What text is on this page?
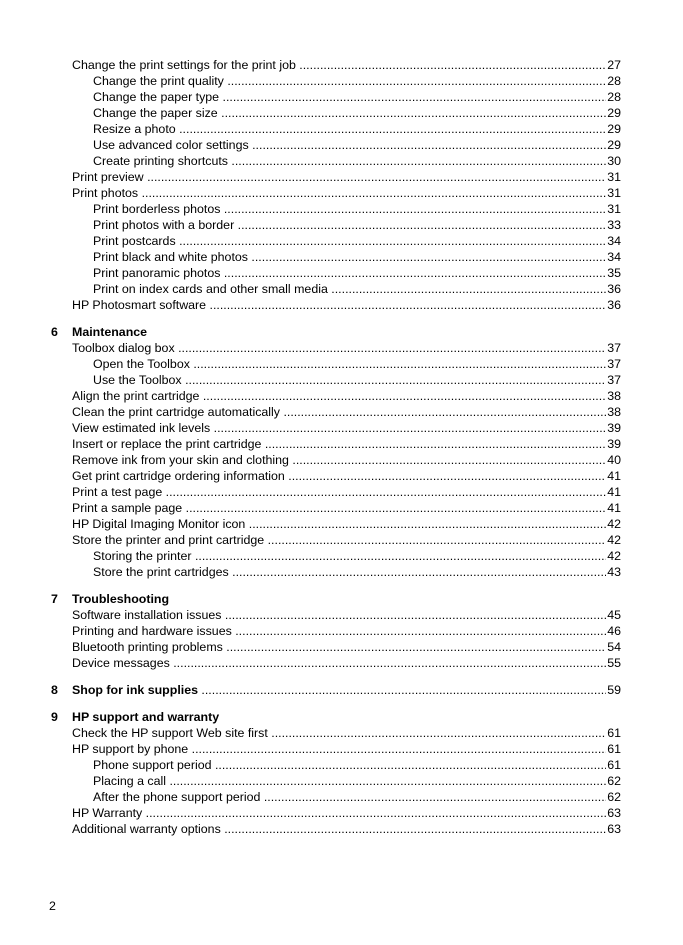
Change the print settings for the print job .....	27
Change the print quality .....	28
Change the paper type .....	28
Change the paper size .....	29
Resize a photo .....	29
Use advanced color settings .....	29
Create printing shortcuts .....	30
Print preview .....	31
Print photos .....	31
Print borderless photos .....	31
Print photos with a border .....	33
Print postcards .....	34
Print black and white photos .....	34
Print panoramic photos .....	35
Print on index cards and other small media .....	36
HP Photosmart software .....	36
6 Maintenance
Toolbox dialog box .....	37
Open the Toolbox .....	37
Use the Toolbox .....	37
Align the print cartridge .....	38
Clean the print cartridge automatically .....	38
View estimated ink levels .....	39
Insert or replace the print cartridge .....	39
Remove ink from your skin and clothing .....	40
Get print cartridge ordering information .....	41
Print a test page .....	41
Print a sample page .....	41
HP Digital Imaging Monitor icon .....	42
Store the printer and print cartridge .....	42
Storing the printer .....	42
Store the print cartridges .....	43
7 Troubleshooting
Software installation issues .....	45
Printing and hardware issues .....	46
Bluetooth printing problems .....	54
Device messages .....	55
8 Shop for ink supplies .....	59
9 HP support and warranty
Check the HP support Web site first .....	61
HP support by phone .....	61
Phone support period .....	61
Placing a call .....	62
After the phone support period .....	62
HP Warranty .....	63
Additional warranty options .....	63
2
